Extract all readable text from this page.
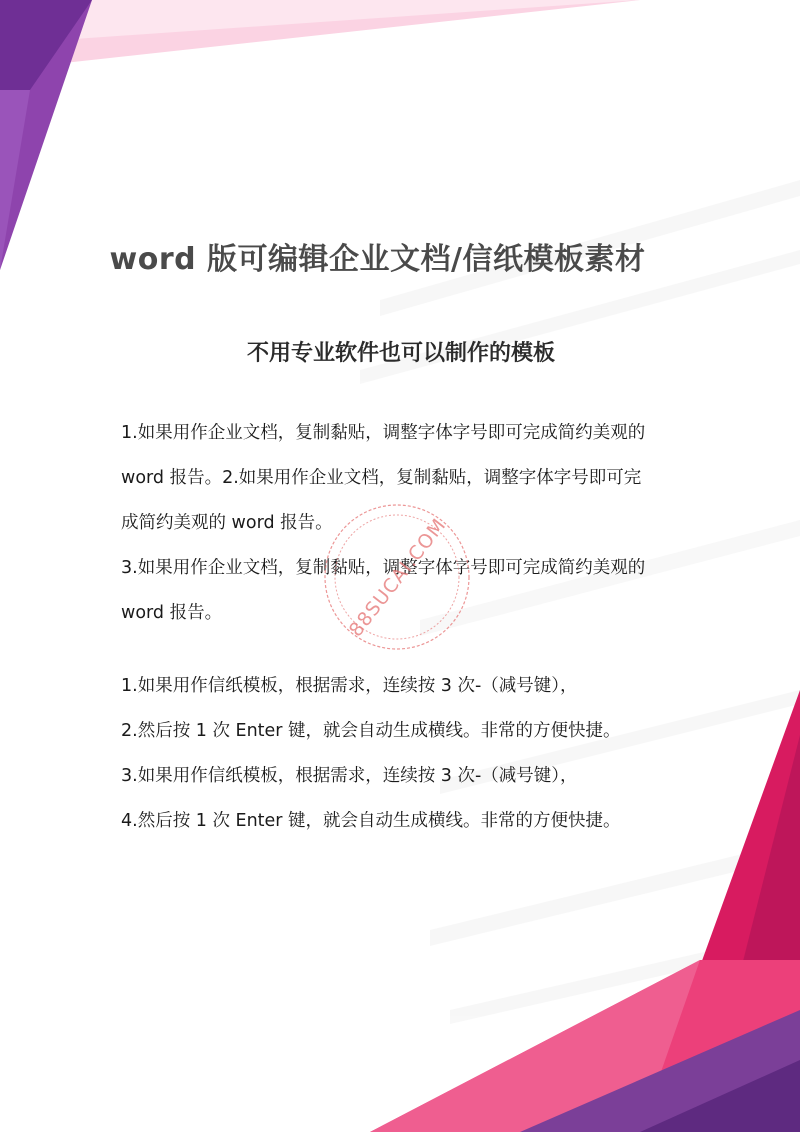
word 版可编辑企业文档/信纸模板素材
不用专业软件也可以制作的模板

1.如果用作企业文档，复制黏贴，调整字体字号即可完成简约美观的

word 报告。2.如果用作企业文档，复制黏贴，调整字体字号即可完

成简约美观的 word 报告。

3.如果用作企业文档，复制黏贴，调整字体字号即可完成简约美观的

word 报告。

1.如果用作信纸模板，根据需求，连续按 3 次-（减号键），

2.然后按 1 次 Enter 键，就会自动生成横线。非常的方便快捷。

3.如果用作信纸模板，根据需求，连续按 3 次-（减号键），

4.然后按 1 次 Enter 键，就会自动生成横线。非常的方便快捷。

88SUCAI.COM
